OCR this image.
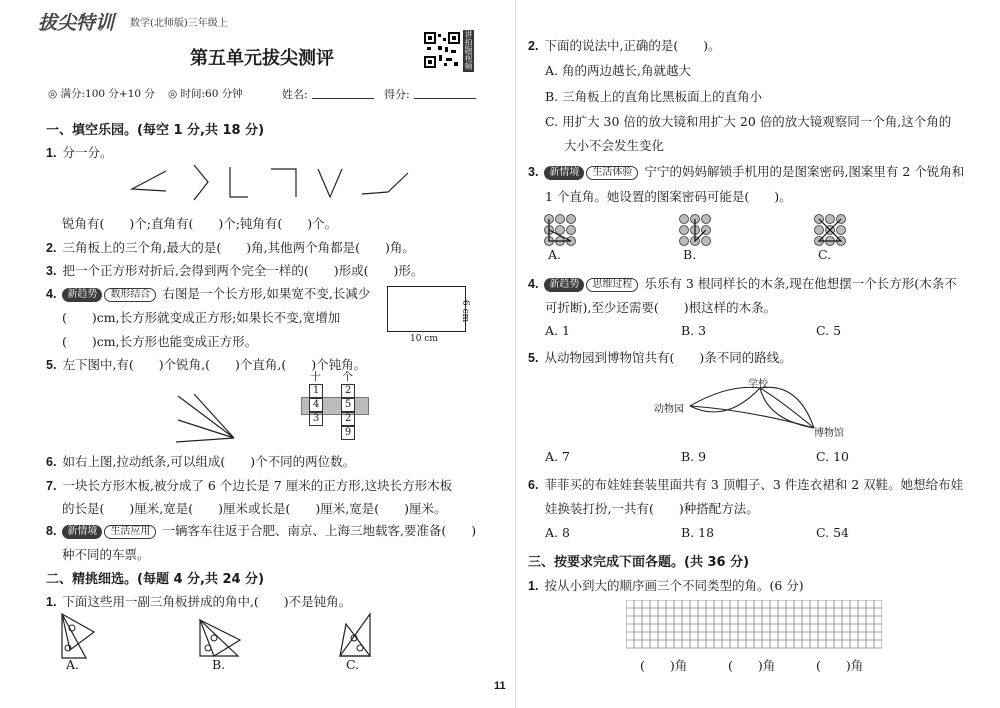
拔尖特训 数学(北师版)三年级上
第五单元拔尖测评
讲拍题视频
◎ 满分:100 分+10 分 ◎ 时间:60 分钟	姓名:	得分:
一、填空乐园。(每空 1 分,共 18 分)
1. 分一分。
锐角有(　　)个;直角有(　　)个;钝角有(　　)个。
2. 三角板上的三个角,最大的是(　　)角,其他两个角都是(　　)角。
3. 把一个正方形对折后,会得到两个完全一样的(　　)形或(　　)形。
4. 新趋势 数形结合 右图是一个长方形,如果宽不变,长减少
(　　)cm,长方形就变成正方形;如果长不变,宽增加
(　　)cm,长方形也能变成正方形。	10 cm
6 cm
5. 左下图中,有(　　)个锐角,(　　)个直角,(　　)个钝角。
十 个
1
4
3
2
5
2
9
6. 如右上图,拉动纸条,可以组成(　　)个不同的两位数。
7. 一块长方形木板,被分成了 6 个边长是 7 厘米的正方形,这块长方形木板
的长是(　　)厘米,宽是(　　)厘米或长是(　　)厘米,宽是(　　)厘米。
8. 新情境 生活应用 一辆客车往返于合肥、南京、上海三地载客,要准备(　　)
种不同的车票。
二、精挑细选。(每题 4 分,共 24 分)
1. 下面这些用一副三角板拼成的角中,(　　)不是钝角。
A.	B.	C.
11
2. 下面的说法中,正确的是(　　)。
A. 角的两边越长,角就越大
B. 三角板上的直角比黑板面上的直角小
C. 用扩大 30 倍的放大镜和用扩大 20 倍的放大镜观察同一个角,这个角的
大小不会发生变化
3. 新情境 生活体验 宁宁的妈妈解锁手机用的是图案密码,图案里有 2 个锐角和
1 个直角。她设置的图案密码可能是(　　)。
A.	B.	C.
4. 新趋势 思维过程 乐乐有 3 根同样长的木条,现在他想摆一个长方形(木条不
可折断),至少还需要(　　)根这样的木条。
A. 1	B. 3	C. 5
5. 从动物园到博物馆共有(　　)条不同的路线。
动物园
学校
博物馆
A. 7	B. 9	C. 10
6. 菲菲买的布娃娃套装里面共有 3 顶帽子、3 件连衣裙和 2 双鞋。她想给布娃
娃换装打扮,一共有(　　)种搭配方法。
A. 8	B. 18	C. 54
三、按要求完成下面各题。(共 36 分)
1. 按从小到大的顺序画三个不同类型的角。(6 分)
(　　)角	(　　)角	(　　)角
